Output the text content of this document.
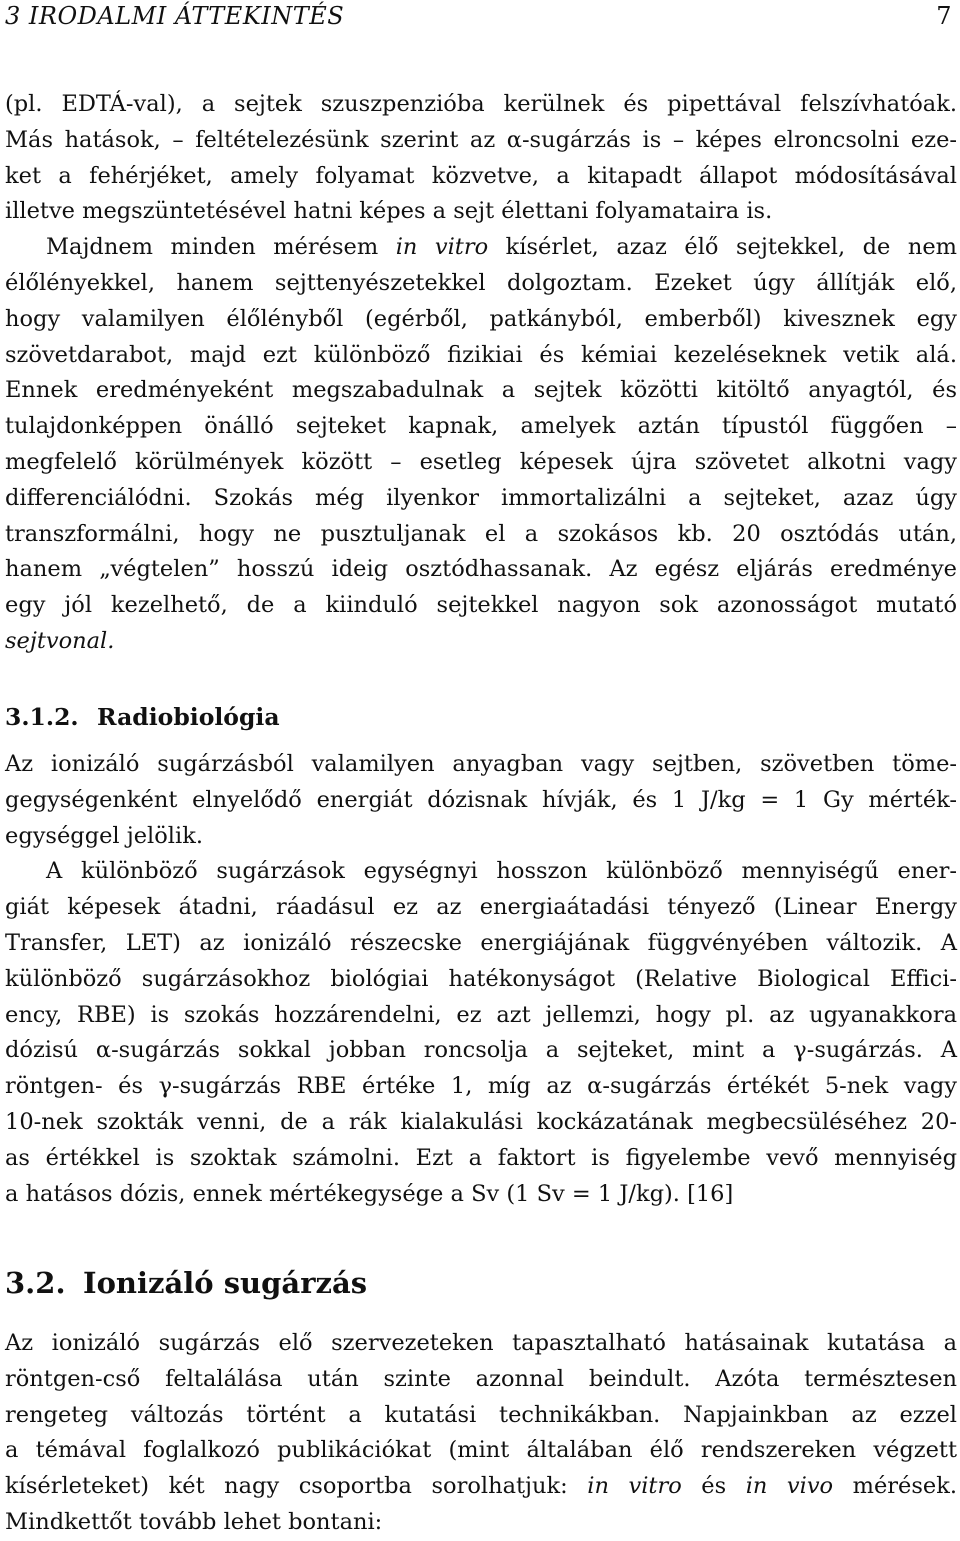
3 IRODALMI ÁTTEKINTÉS	7
(pl. EDTÁ-val), a sejtek szuszpenzióba kerülnek és pipettával felszívhatóak.
Más hatások, – feltételezésünk szerint az α-sugárzás is – képes elroncsolni eze-
ket a fehérjéket, amely folyamat közvetve, a kitapadt állapot módosításával
illetve megszüntetésével hatni képes a sejt élettani folyamataira is.
Majdnem minden mérésem in vitro kísérlet, azaz élő sejtekkel, de nem
élőlényekkel, hanem sejttenyészetekkel dolgoztam. Ezeket úgy állítják elő,
hogy valamilyen élőlényből (egérből, patkányból, emberből) kivesznek egy
szövetdarabot, majd ezt különböző fizikiai és kémiai kezeléseknek vetik alá.
Ennek eredményeként megszabadulnak a sejtek közötti kitöltő anyagtól, és
tulajdonképpen önálló sejteket kapnak, amelyek aztán típustól függően –
megfelelő körülmények között – esetleg képesek újra szövetet alkotni vagy
differenciálódni. Szokás még ilyenkor immortalizálni a sejteket, azaz úgy
transzformálni, hogy ne pusztuljanak el a szokásos kb. 20 osztódás után,
hanem „végtelen” hosszú ideig osztódhassanak. Az egész eljárás eredménye
egy jól kezelhető, de a kiinduló sejtekkel nagyon sok azonosságot mutató
sejtvonal.
3.1.2. Radiobiológia
Az ionizáló sugárzásból valamilyen anyagban vagy sejtben, szövetben töme-
gegységenként elnyelődő energiát dózisnak hívják, és 1 J/kg = 1 Gy mérték-
egységgel jelölik.
A különböző sugárzások egységnyi hosszon különböző mennyiségű ener-
giát képesek átadni, ráadásul ez az energiaátadási tényező (Linear Energy
Transfer, LET) az ionizáló részecske energiájának függvényében változik. A
különböző sugárzásokhoz biológiai hatékonyságot (Relative Biological Effici-
ency, RBE) is szokás hozzárendelni, ez azt jellemzi, hogy pl. az ugyanakkora
dózisú α-sugárzás sokkal jobban roncsolja a sejteket, mint a γ-sugárzás. A
röntgen- és γ-sugárzás RBE értéke 1, míg az α-sugárzás értékét 5-nek vagy
10-nek szokták venni, de a rák kialakulási kockázatának megbecsüléséhez 20-
as értékkel is szoktak számolni. Ezt a faktort is figyelembe vevő mennyiség
a hatásos dózis, ennek mértékegysége a Sv (1 Sv = 1 J/kg). [16]
3.2. Ionizáló sugárzás
Az ionizáló sugárzás elő szervezeteken tapasztalható hatásainak kutatása a
röntgen-cső feltalálása után szinte azonnal beindult. Azóta természtesen
rengeteg változás történt a kutatási technikákban. Napjainkban az ezzel
a témával foglalkozó publikációkat (mint általában élő rendszereken végzett
kísérleteket) két nagy csoportba sorolhatjuk: in vitro és in vivo mérések.
Mindkettőt tovább lehet bontani:
